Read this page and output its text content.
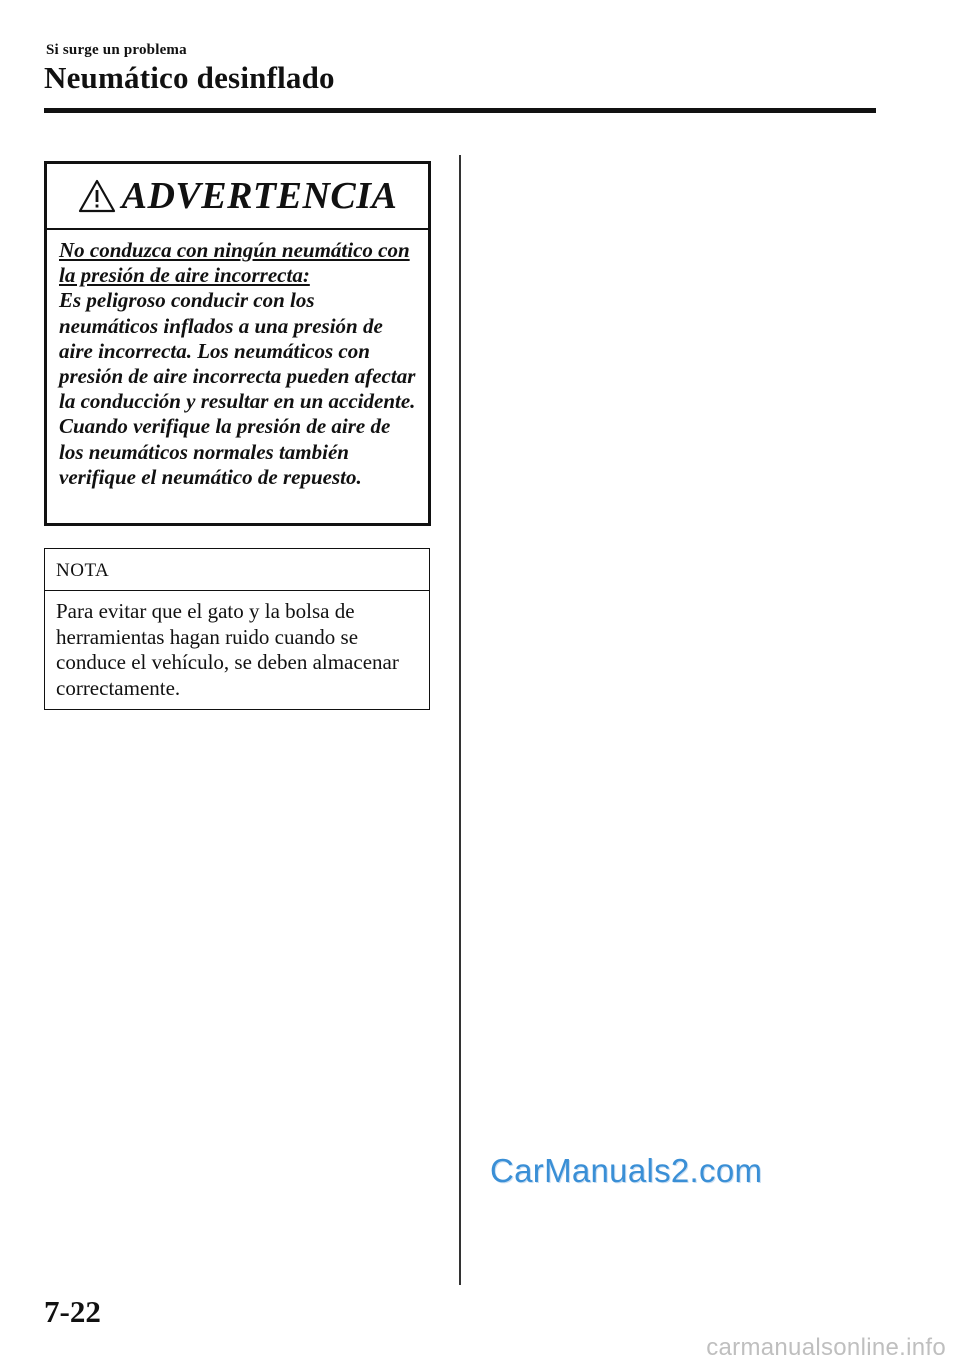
Si surge un problema
Neumático desinflado
ADVERTENCIA
No conduzca con ningún neumático con la presión de aire incorrecta:
Es peligroso conducir con los neumáticos inflados a una presión de aire incorrecta. Los neumáticos con presión de aire incorrecta pueden afectar la conducción y resultar en un accidente. Cuando verifique la presión de aire de los neumáticos normales también verifique el neumático de repuesto.
NOTA
Para evitar que el gato y la bolsa de herramientas hagan ruido cuando se conduce el vehículo, se deben almacenar correctamente.
CarManuals2.com
7-22
carmanualsonline.info
